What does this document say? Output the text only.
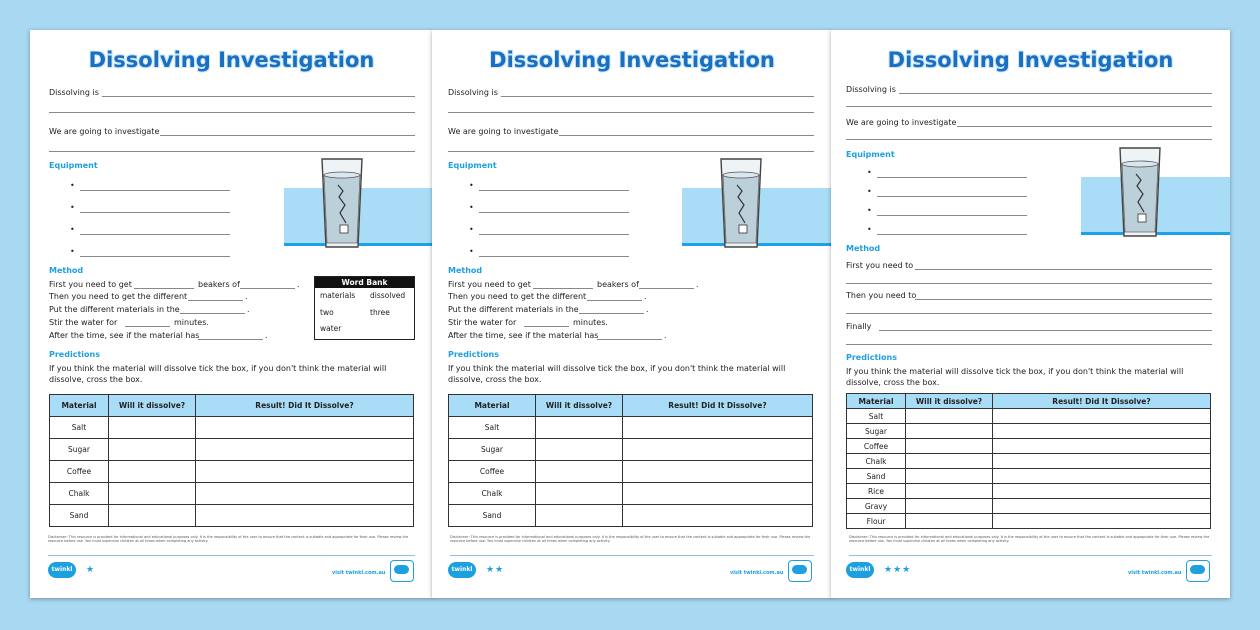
Dissolving Investigation
Dissolving is
We are going to investigate
Equipment
•
•
•
•
Method
First you need to get	beakers of	.
Then you need to get the different	.
Put the different materials in the	.
Stir the water for	minutes.
After the time, see if the material has	.
Word Bank
materials dissolved
two	three
water
Predictions
If you think the material will dissolve tick the box, if you don't think the material will
dissolve, cross the box.
Material	Will it dissolve?	Result! Did It Dissolve?
Salt		
Sugar		
Coffee		
Chalk		
Sand		
Disclaimer: This resource is provided for informational and educational purposes only. It is the responsibility of the user to ensure that the content is suitable and appropriate for their use. Please review the resource before use. You must supervise children at all times when completing any activity.
twinkl	★	visit twinkl.com.au
Dissolving Investigation
Dissolving is
We are going to investigate
Equipment
•
•
•
•
Method
First you need to get	beakers of	.
Then you need to get the different	.
Put the different materials in the	.
Stir the water for	minutes.
After the time, see if the material has	.
Predictions
If you think the material will dissolve tick the box, if you don't think the material will
dissolve, cross the box.
Material	Will it dissolve?	Result! Did It Dissolve?
Salt		
Sugar		
Coffee		
Chalk		
Sand		
Disclaimer: This resource is provided for informational and educational purposes only. It is the responsibility of the user to ensure that the content is suitable and appropriate for their use. Please review the resource before use. You must supervise children at all times when completing any activity.
twinkl	★★	visit twinkl.com.au
Dissolving Investigation
Dissolving is
We are going to investigate
Equipment
•
•
•
•
Method
First you need to
Then you need to
Finally
Predictions
If you think the material will dissolve tick the box, if you don't think the material will
dissolve, cross the box.
Material	Will it dissolve?	Result! Did It Dissolve?
Salt		
Sugar		
Coffee		
Chalk		
Sand		
Rice		
Gravy		
Flour		
Disclaimer: This resource is provided for informational and educational purposes only. It is the responsibility of the user to ensure that the content is suitable and appropriate for their use. Please review the resource before use. You must supervise children at all times when completing any activity.
twinkl	★★★	visit twinkl.com.au
